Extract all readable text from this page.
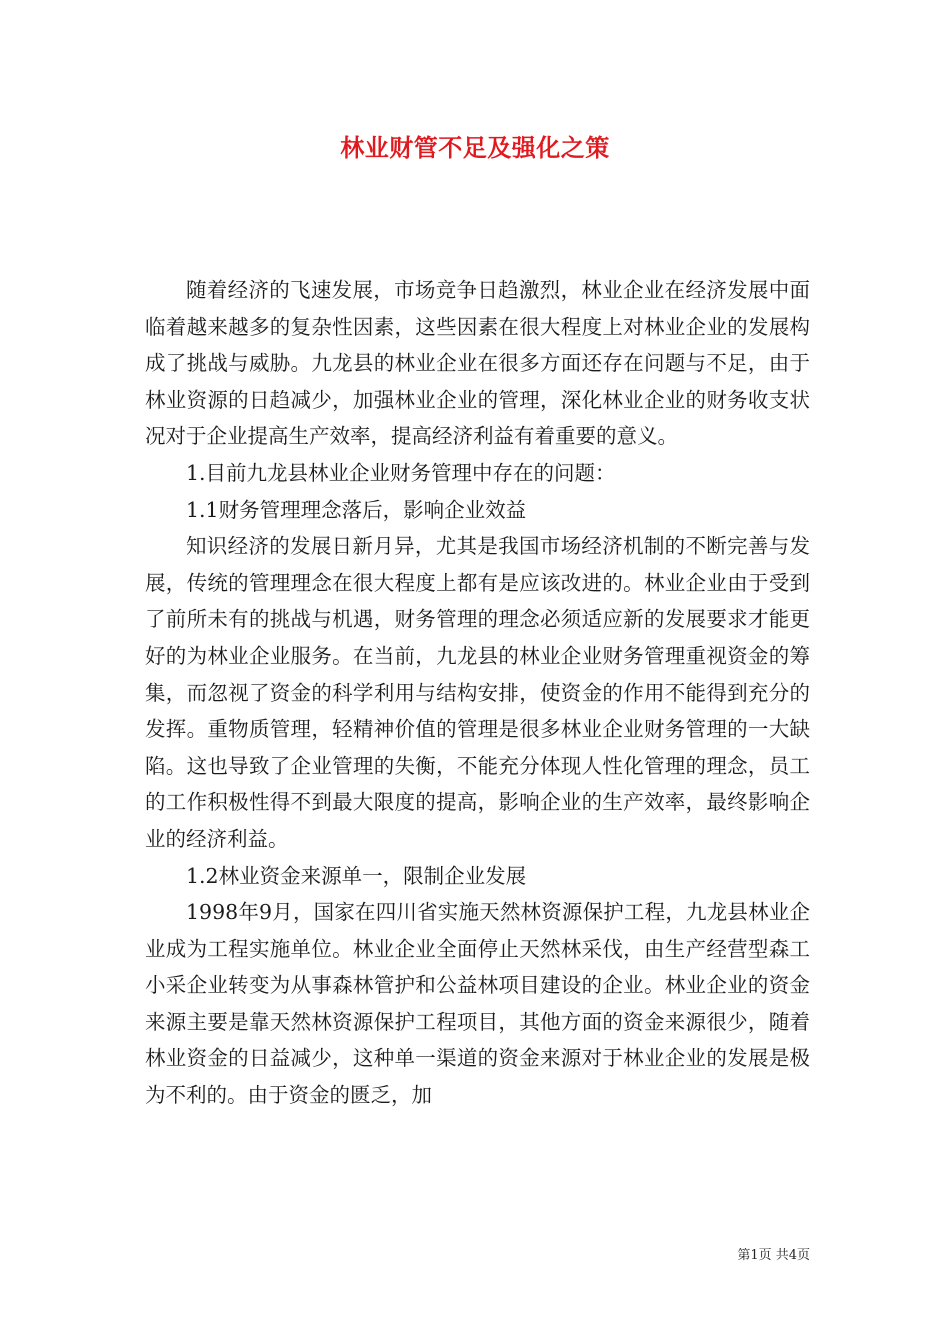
林业财管不足及强化之策

随着经济的飞速发展，市场竞争日趋激烈，林业企业在经济发展中面临着越来越多的复杂性因素，这些因素在很大程度上对林业企业的发展构成了挑战与威胁。九龙县的林业企业在很多方面还存在问题与不足，由于林业资源的日趋减少，加强林业企业的管理，深化林业企业的财务收支状况对于企业提高生产效率，提高经济利益有着重要的意义。

1.目前九龙县林业企业财务管理中存在的问题：

1.1财务管理理念落后，影响企业效益

知识经济的发展日新月异，尤其是我国市场经济机制的不断完善与发展，传统的管理理念在很大程度上都有是应该改进的。林业企业由于受到了前所未有的挑战与机遇，财务管理的理念必须适应新的发展要求才能更好的为林业企业服务。在当前，九龙县的林业企业财务管理重视资金的筹集，而忽视了资金的科学利用与结构安排，使资金的作用不能得到充分的发挥。重物质管理，轻精神价值的管理是很多林业企业财务管理的一大缺陷。这也导致了企业管理的失衡，不能充分体现人性化管理的理念，员工的工作积极性得不到最大限度的提高，影响企业的生产效率，最终影响企业的经济利益。

1.2林业资金来源单一，限制企业发展

1998年9月，国家在四川省实施天然林资源保护工程，九龙县林业企业成为工程实施单位。林业企业全面停止天然林采伐，由生产经营型森工小采企业转变为从事森林管护和公益林项目建设的企业。林业企业的资金来源主要是靠天然林资源保护工程项目，其他方面的资金来源很少，随着林业资金的日益减少，这种单一渠道的资金来源对于林业企业的发展是极为不利的。由于资金的匮乏，加

第1页 共4页
